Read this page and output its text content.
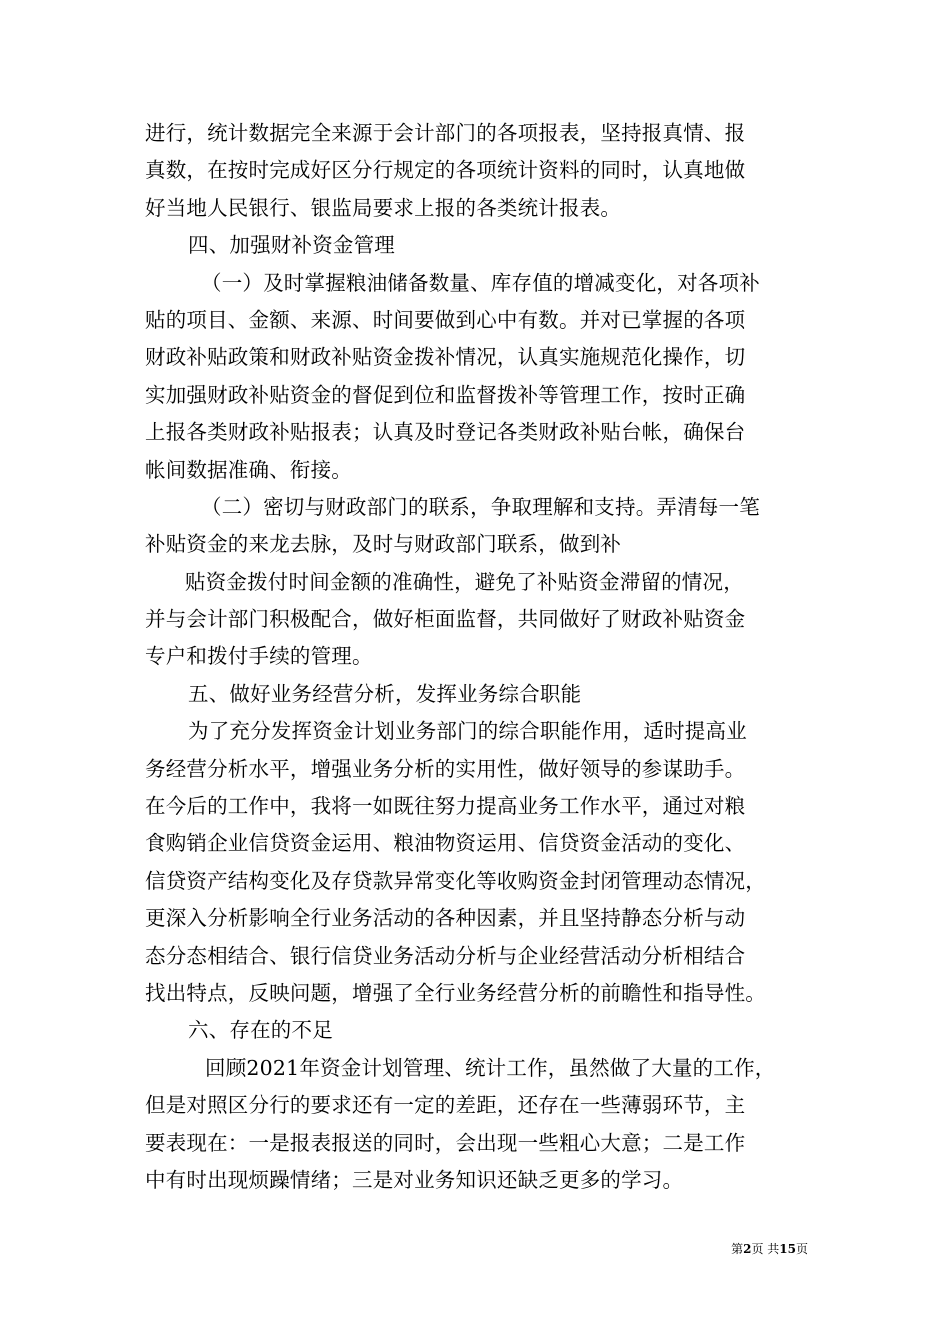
进行，统计数据完全来源于会计部门的各项报表，坚持报真情、报
真数，在按时完成好区分行规定的各项统计资料的同时，认真地做
好当地人民银行、银监局要求上报的各类统计报表。
四、加强财补资金管理
（一）及时掌握粮油储备数量、库存值的增减变化，对各项补
贴的项目、金额、来源、时间要做到心中有数。并对已掌握的各项
财政补贴政策和财政补贴资金拨补情况，认真实施规范化操作，切
实加强财政补贴资金的督促到位和监督拨补等管理工作，按时正确
上报各类财政补贴报表；认真及时登记各类财政补贴台帐，确保台
帐间数据准确、衔接。
（二）密切与财政部门的联系，争取理解和支持。弄清每一笔
补贴资金的来龙去脉，及时与财政部门联系，做到补
贴资金拨付时间金额的准确性，避免了补贴资金滞留的情况，
并与会计部门积极配合，做好柜面监督，共同做好了财政补贴资金
专户和拨付手续的管理。
五、做好业务经营分析，发挥业务综合职能
为了充分发挥资金计划业务部门的综合职能作用，适时提高业
务经营分析水平，增强业务分析的实用性，做好领导的参谋助手。
在今后的工作中，我将一如既往努力提高业务工作水平，通过对粮
食购销企业信贷资金运用、粮油物资运用、信贷资金活动的变化、
信贷资产结构变化及存贷款异常变化等收购资金封闭管理动态情况，
更深入分析影响全行业务活动的各种因素，并且坚持静态分析与动
态分态相结合、银行信贷业务活动分析与企业经营活动分析相结合
找出特点，反映问题，增强了全行业务经营分析的前瞻性和指导性。
六、存在的不足
回顾2021年资金计划管理、统计工作，虽然做了大量的工作，
但是对照区分行的要求还有一定的差距，还存在一些薄弱环节，主
要表现在：一是报表报送的同时，会出现一些粗心大意；二是工作
中有时出现烦躁情绪；三是对业务知识还缺乏更多的学习。
第2页 共15页
